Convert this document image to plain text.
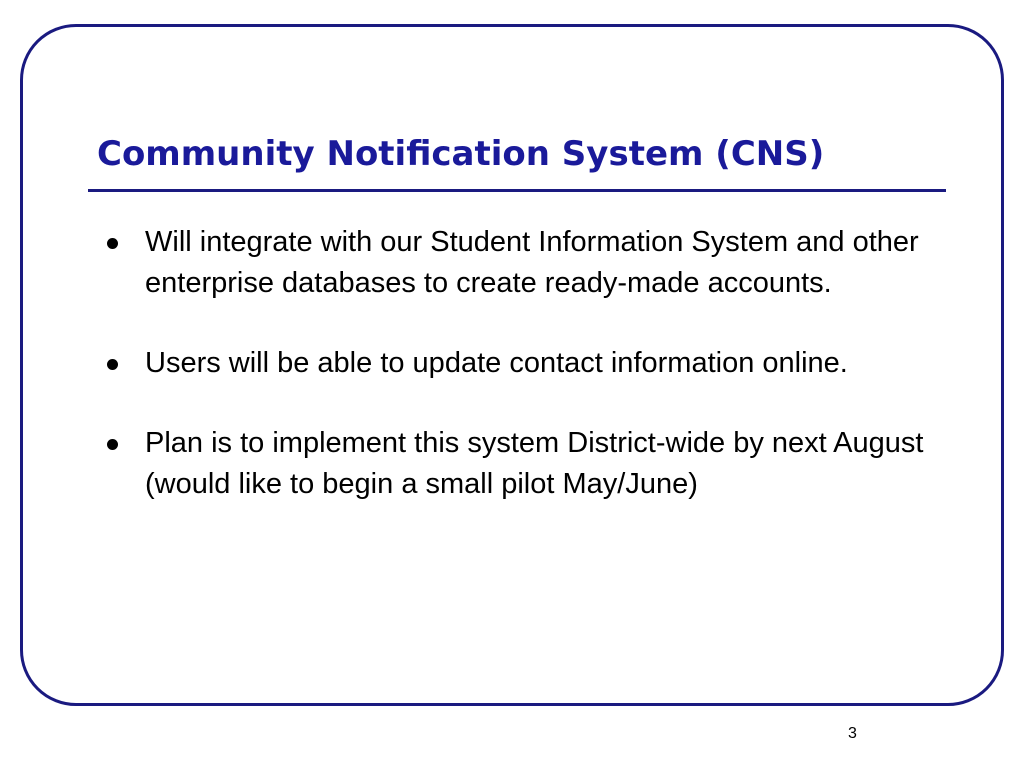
Community Notification System (CNS)
Will integrate with our Student Information System and other enterprise databases to create ready-made accounts.
Users will be able to update contact information online.
Plan is to implement this system District-wide by next August (would like to begin a small pilot May/June)
3
